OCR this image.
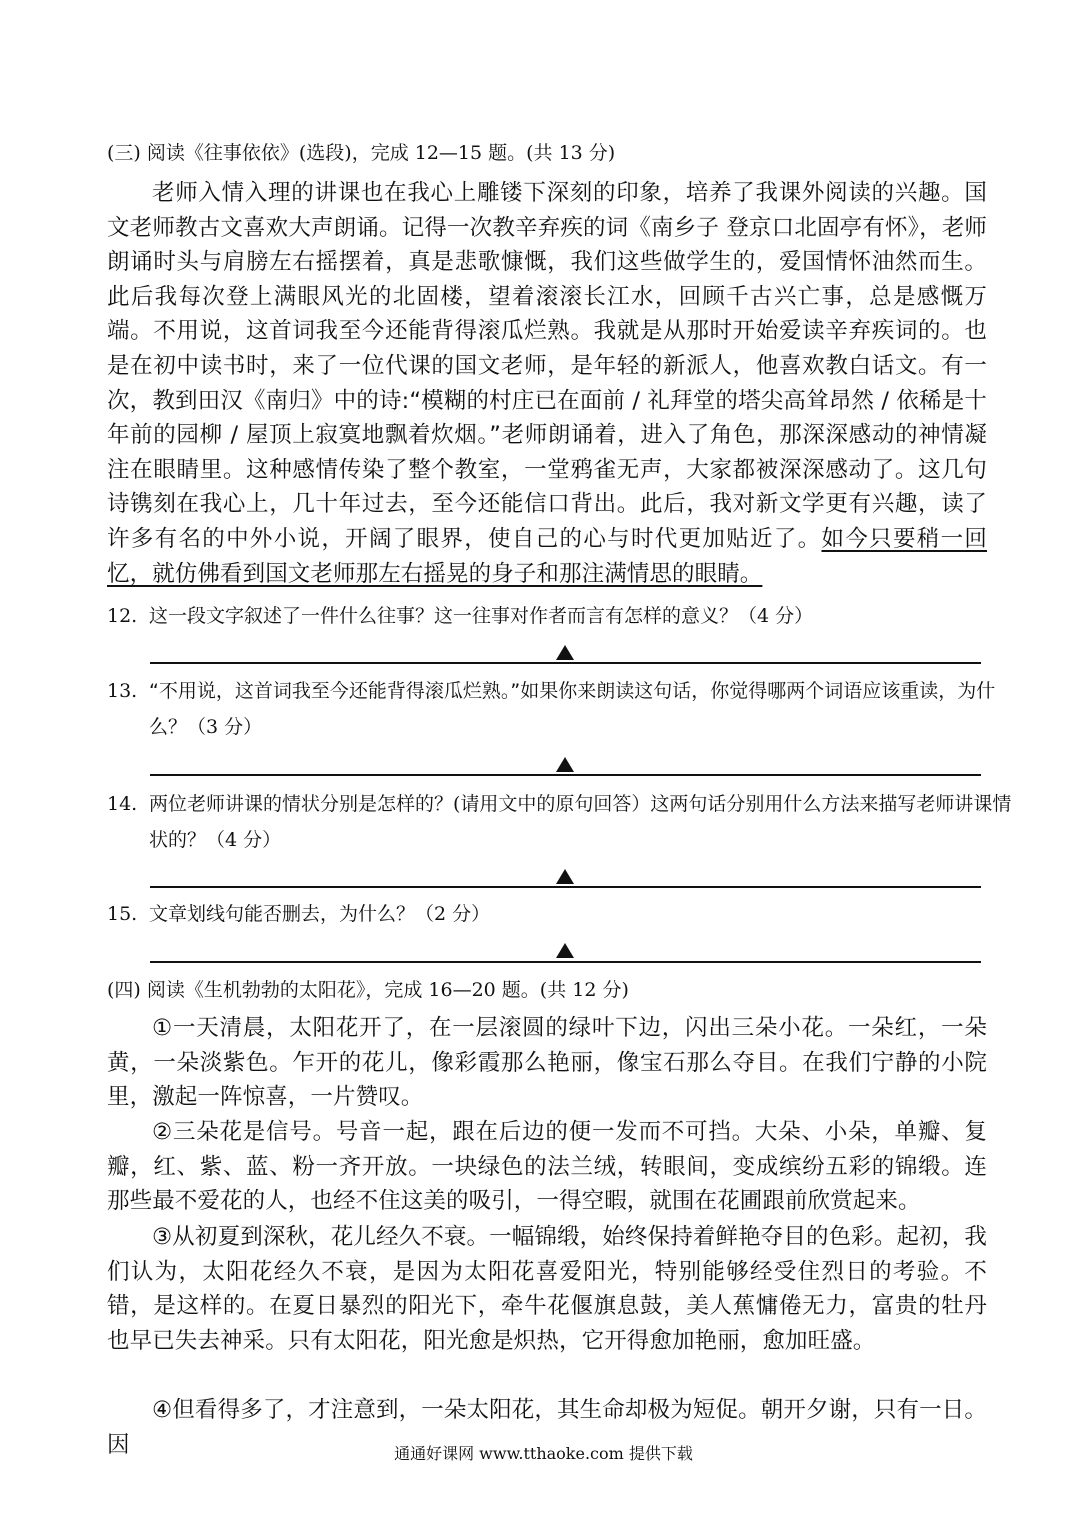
(三) 阅读《往事依依》(选段)，完成 12—15 题。(共 13 分)
老师入情入理的讲课也在我心上雕镂下深刻的印象，培养了我课外阅读的兴趣。国文老师教古文喜欢大声朗诵。记得一次教辛弃疾的词《南乡子 登京口北固亭有怀》，老师朗诵时头与肩膀左右摇摆着，真是悲歌慷慨，我们这些做学生的，爱国情怀油然而生。此后我每次登上满眼风光的北固楼，望着滚滚长江水，回顾千古兴亡事，总是感慨万端。不用说，这首词我至今还能背得滚瓜烂熟。我就是从那时开始爱读辛弃疾词的。也是在初中读书时，来了一位代课的国文老师，是年轻的新派人，他喜欢教白话文。有一次，教到田汉《南归》中的诗:“模糊的村庄已在面前 / 礼拜堂的塔尖高耸昂然 / 依稀是十年前的园柳 / 屋顶上寂寞地飘着炊烟。”老师朗诵着，进入了角色，那深深感动的神情凝注在眼睛里。这种感情传染了整个教室，一堂鸦雀无声，大家都被深深感动了。这几句诗镌刻在我心上，几十年过去，至今还能信口背出。此后，我对新文学更有兴趣，读了许多有名的中外小说，开阔了眼界，使自己的心与时代更加贴近了。如今只要稍一回忆，就仿佛看到国文老师那左右摇晃的身子和那注满情思的眼睛。
12. 这一段文字叙述了一件什么往事？这一往事对作者而言有怎样的意义？（4 分）
13. “不用说，这首词我至今还能背得滚瓜烂熟。”如果你来朗读这句话，你觉得哪两个词语应该重读，为什么？（3 分）
14. 两位老师讲课的情状分别是怎样的？(请用文中的原句回答）这两句话分别用什么方法来描写老师讲课情状的？（4 分）
15. 文章划线句能否删去，为什么？（2 分）
(四) 阅读《生机勃勃的太阳花》，完成 16—20 题。(共 12 分)
①一天清晨，太阳花开了，在一层滚圆的绿叶下边，闪出三朵小花。一朵红，一朵黄，一朵淡紫色。乍开的花儿，像彩霞那么艳丽，像宝石那么夺目。在我们宁静的小院里，激起一阵惊喜，一片赞叹。
②三朵花是信号。号音一起，跟在后边的便一发而不可挡。大朵、小朵，单瓣、复瓣，红、紫、蓝、粉一齐开放。一块绿色的法兰绒，转眼间，变成缤纷五彩的锦缎。连那些最不爱花的人，也经不住这美的吸引，一得空暇，就围在花圃跟前欣赏起来。
③从初夏到深秋，花儿经久不衰。一幅锦缎，始终保持着鲜艳夺目的色彩。起初，我们认为，太阳花经久不衰，是因为太阳花喜爱阳光，特别能够经受住烈日的考验。不错，是这样的。在夏日暴烈的阳光下，牵牛花偃旗息鼓，美人蕉慵倦无力，富贵的牡丹也早已失去神采。只有太阳花，阳光愈是炽热，它开得愈加艳丽，愈加旺盛。
④但看得多了，才注意到，一朵太阳花，其生命却极为短促。朝开夕谢，只有一日。因	通通好课网 www.tthaoke.com 提供下载
